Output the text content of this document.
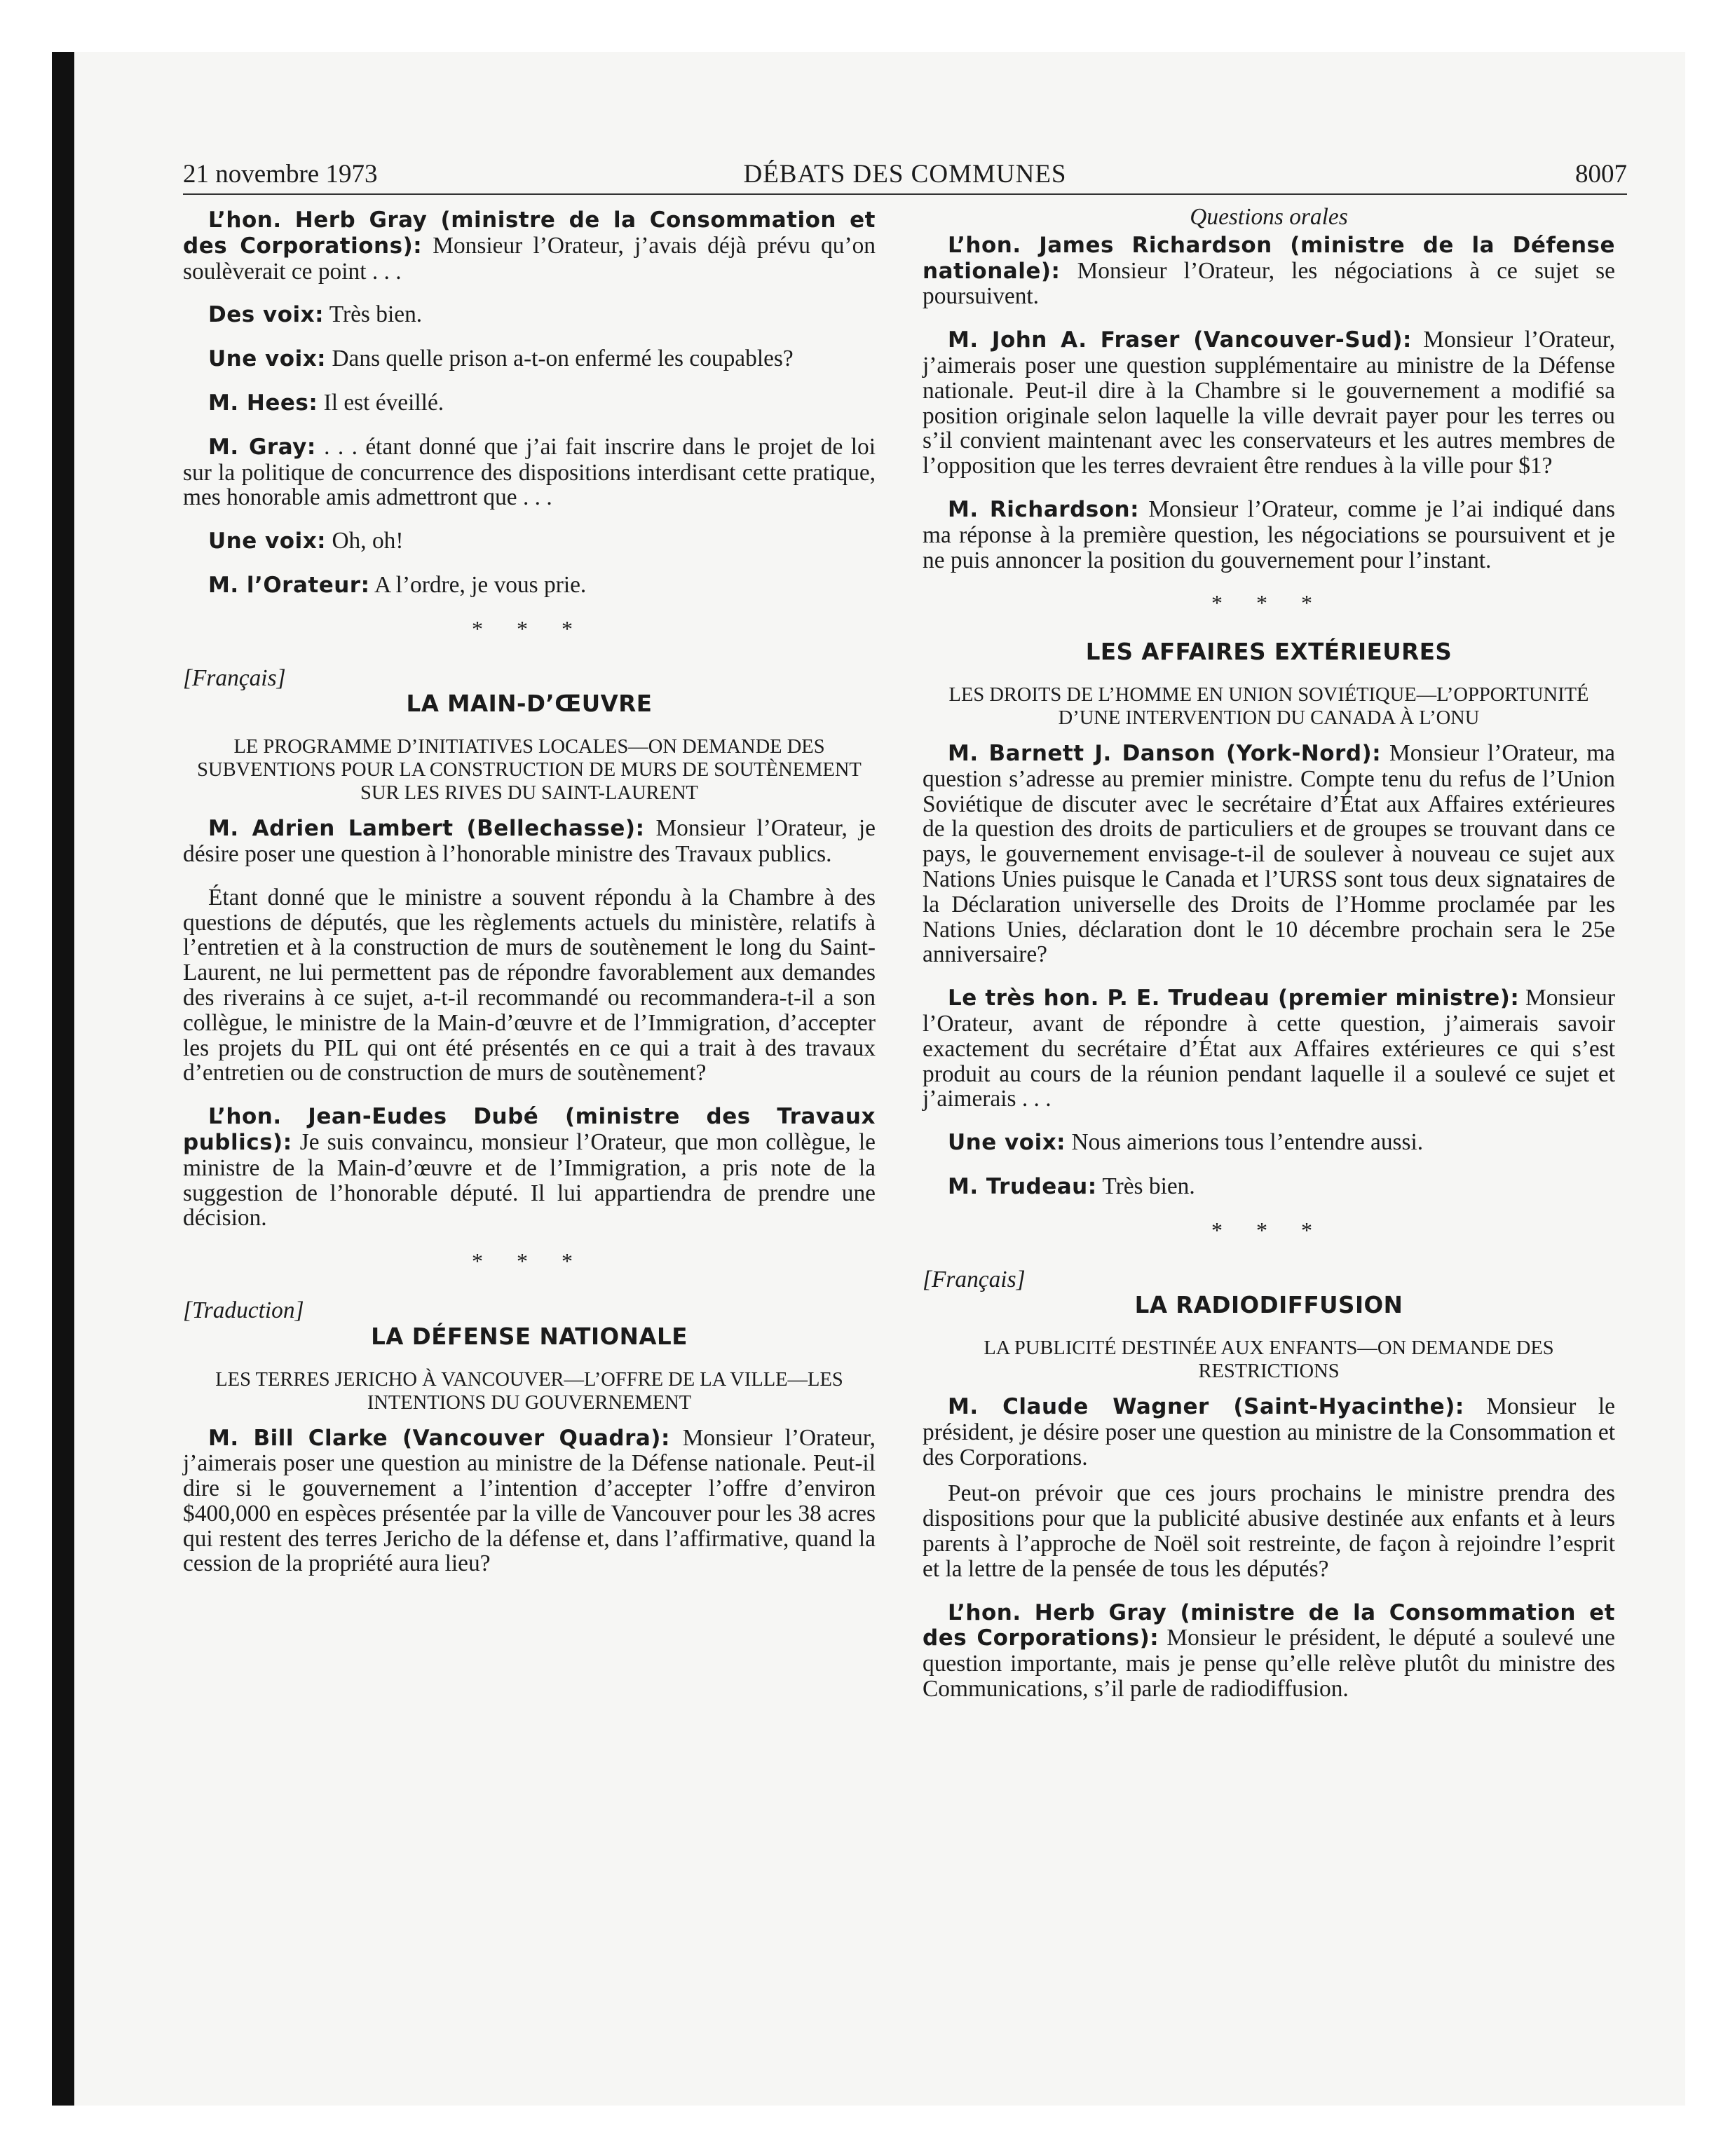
21 novembre 1973	DÉBATS DES COMMUNES	8007

L’hon. Herb Gray (ministre de la Consommation et des Corporations): Monsieur l’Orateur, j’avais déjà prévu qu’on soulèverait ce point . . .

Des voix: Très bien.

Une voix: Dans quelle prison a-t-on enfermé les coupables?

M. Hees: Il est éveillé.

M. Gray: . . . étant donné que j’ai fait inscrire dans le projet de loi sur la politique de concurrence des dispositions interdisant cette pratique, mes honorable amis admettront que . . .

Une voix: Oh, oh!

M. l’Orateur: A l’ordre, je vous prie.

* * *
[Français]
LA MAIN-D’ŒUVRE
LE PROGRAMME D’INITIATIVES LOCALES—ON DEMANDE DES SUBVENTIONS POUR LA CONSTRUCTION DE MURS DE SOUTÈNEMENT SUR LES RIVES DU SAINT-LAURENT

M. Adrien Lambert (Bellechasse): Monsieur l’Orateur, je désire poser une question à l’honorable ministre des Travaux publics.

Étant donné que le ministre a souvent répondu à la Chambre à des questions de députés, que les règlements actuels du ministère, relatifs à l’entretien et à la construction de murs de soutènement le long du Saint-Laurent, ne lui permettent pas de répondre favorablement aux demandes des riverains à ce sujet, a-t-il recommandé ou recommandera-t-il a son collègue, le ministre de la Main-d’œuvre et de l’Immigration, d’accepter les projets du PIL qui ont été présentés en ce qui a trait à des travaux d’entretien ou de construction de murs de soutènement?

L’hon. Jean-Eudes Dubé (ministre des Travaux publics): Je suis convaincu, monsieur l’Orateur, que mon collègue, le ministre de la Main-d’œuvre et de l’Immigration, a pris note de la suggestion de l’honorable député. Il lui appartiendra de prendre une décision.

* * *
[Traduction]
LA DÉFENSE NATIONALE
LES TERRES JERICHO À VANCOUVER—L’OFFRE DE LA VILLE—LES INTENTIONS DU GOUVERNEMENT

M. Bill Clarke (Vancouver Quadra): Monsieur l’Orateur, j’aimerais poser une question au ministre de la Défense nationale. Peut-il dire si le gouvernement a l’intention d’accepter l’offre d’environ $400,000 en espèces présentée par la ville de Vancouver pour les 38 acres qui restent des terres Jericho de la défense et, dans l’affirmative, quand la cession de la propriété aura lieu?

Questions orales

L’hon. James Richardson (ministre de la Défense nationale): Monsieur l’Orateur, les négociations à ce sujet se poursuivent.

M. John A. Fraser (Vancouver-Sud): Monsieur l’Orateur, j’aimerais poser une question supplémentaire au ministre de la Défense nationale. Peut-il dire à la Chambre si le gouvernement a modifié sa position originale selon laquelle la ville devrait payer pour les terres ou s’il convient maintenant avec les conservateurs et les autres membres de l’opposition que les terres devraient être rendues à la ville pour $1?

M. Richardson: Monsieur l’Orateur, comme je l’ai indiqué dans ma réponse à la première question, les négociations se poursuivent et je ne puis annoncer la position du gouvernement pour l’instant.

* * *
LES AFFAIRES EXTÉRIEURES
LES DROITS DE L’HOMME EN UNION SOVIÉTIQUE—L’OPPORTUNITÉ D’UNE INTERVENTION DU CANADA À L’ONU

M. Barnett J. Danson (York-Nord): Monsieur l’Orateur, ma question s’adresse au premier ministre. Compte tenu du refus de l’Union Soviétique de discuter avec le secrétaire d’État aux Affaires extérieures de la question des droits de particuliers et de groupes se trouvant dans ce pays, le gouvernement envisage-t-il de soulever à nouveau ce sujet aux Nations Unies puisque le Canada et l’URSS sont tous deux signataires de la Déclaration universelle des Droits de l’Homme proclamée par les Nations Unies, déclaration dont le 10 décembre prochain sera le 25e anniversaire?

Le très hon. P. E. Trudeau (premier ministre): Monsieur l’Orateur, avant de répondre à cette question, j’aimerais savoir exactement du secrétaire d’État aux Affaires extérieures ce qui s’est produit au cours de la réunion pendant laquelle il a soulevé ce sujet et j’aimerais . . .

Une voix: Nous aimerions tous l’entendre aussi.

M. Trudeau: Très bien.

* * *
[Français]
LA RADIODIFFUSION
LA PUBLICITÉ DESTINÉE AUX ENFANTS—ON DEMANDE DES RESTRICTIONS

M. Claude Wagner (Saint-Hyacinthe): Monsieur le président, je désire poser une question au ministre de la Consommation et des Corporations.

Peut-on prévoir que ces jours prochains le ministre prendra des dispositions pour que la publicité abusive destinée aux enfants et à leurs parents à l’approche de Noël soit restreinte, de façon à rejoindre l’esprit et la lettre de la pensée de tous les députés?

L’hon. Herb Gray (ministre de la Consommation et des Corporations): Monsieur le président, le député a soulevé une question importante, mais je pense qu’elle relève plutôt du ministre des Communications, s’il parle de radiodiffusion.
